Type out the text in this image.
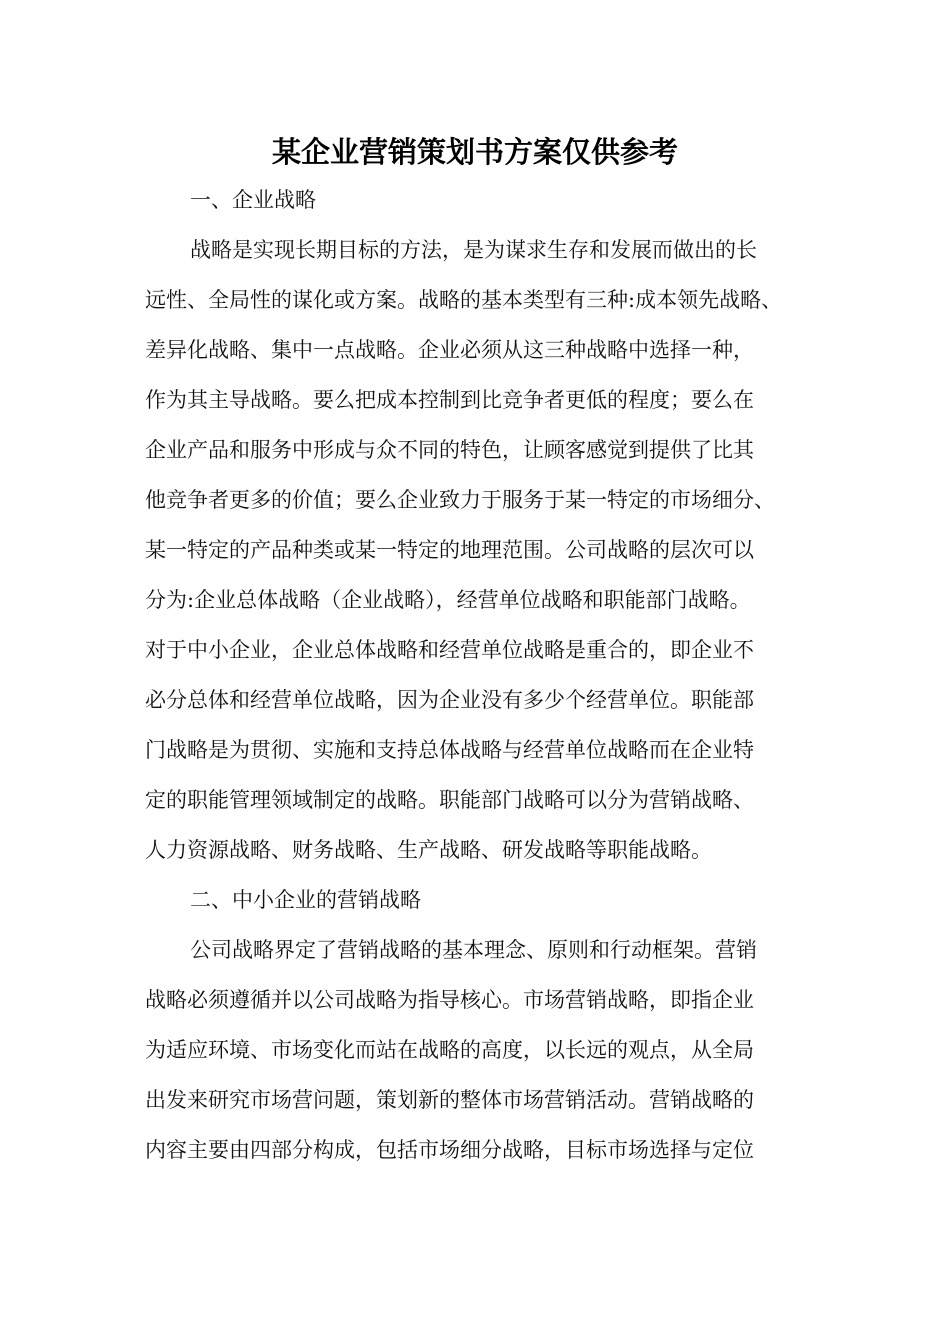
某企业营销策划书方案仅供参考
一、企业战略
战略是实现长期目标的方法，是为谋求生存和发展而做出的长
远性、全局性的谋化或方案。战略的基本类型有三种:成本领先战略、
差异化战略、集中一点战略。企业必须从这三种战略中选择一种，
作为其主导战略。要么把成本控制到比竞争者更低的程度；要么在
企业产品和服务中形成与众不同的特色，让顾客感觉到提供了比其
他竞争者更多的价值；要么企业致力于服务于某一特定的市场细分、
某一特定的产品种类或某一特定的地理范围。公司战略的层次可以
分为:企业总体战略（企业战略），经营单位战略和职能部门战略。
对于中小企业，企业总体战略和经营单位战略是重合的，即企业不
必分总体和经营单位战略，因为企业没有多少个经营单位。职能部
门战略是为贯彻、实施和支持总体战略与经营单位战略而在企业特
定的职能管理领域制定的战略。职能部门战略可以分为营销战略、
人力资源战略、财务战略、生产战略、研发战略等职能战略。
二、中小企业的营销战略
公司战略界定了营销战略的基本理念、原则和行动框架。营销
战略必须遵循并以公司战略为指导核心。市场营销战略，即指企业
为适应环境、市场变化而站在战略的高度，以长远的观点，从全局
出发来研究市场营问题，策划新的整体市场营销活动。营销战略的
内容主要由四部分构成，包括市场细分战略，目标市场选择与定位
